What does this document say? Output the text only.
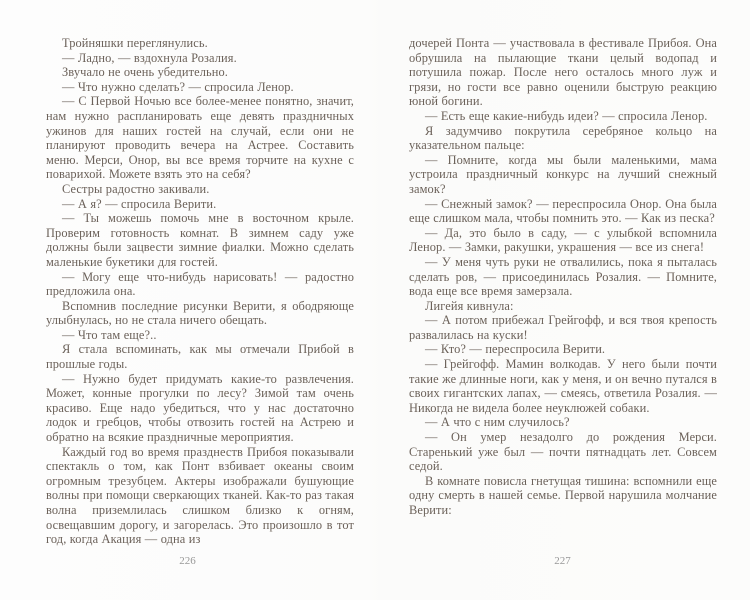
Тройняшки переглянулись.

— Ладно, — вздохнула Розалия.

Звучало не очень убедительно.

— Что нужно сделать? — спросила Ленор.

— С Первой Ночью все более-менее понятно, значит, нам нужно распланировать еще девять праздничных ужинов для наших гостей на случай, если они не планируют проводить вечера на Астрее. Составить меню. Мерси, Онор, вы все время торчите на кухне с поварихой. Можете взять это на себя?

Сестры радостно закивали.

— А я? — спросила Верити.

— Ты можешь помочь мне в восточном крыле. Проверим готовность комнат. В зимнем саду уже должны были зацвести зимние фиалки. Можно сделать маленькие букетики для гостей.

— Могу еще что-нибудь нарисовать! — радостно предложила она.

Вспомнив последние рисунки Верити, я ободряюще улыбнулась, но не стала ничего обещать.

— Что там еще?..

Я стала вспоминать, как мы отмечали Прибой в прошлые годы.

— Нужно будет придумать какие-то развлечения. Может, конные прогулки по лесу? Зимой там очень красиво. Еще надо убедиться, что у нас достаточно лодок и гребцов, чтобы отвозить гостей на Астрею и обратно на всякие праздничные мероприятия.

Каждый год во время празднеств Прибоя показывали спектакль о том, как Понт взбивает океаны своим огромным трезубцем. Актеры изображали бушующие волны при помощи сверкающих тканей. Как-то раз такая волна приземлилась слишком близко к огням, освещавшим дорогу, и загорелась. Это произошло в тот год, когда Акация — одна из

дочерей Понта — участвовала в фестивале Прибоя. Она обрушила на пылающие ткани целый водопад и потушила пожар. После него осталось много луж и грязи, но гости все равно оценили быструю реакцию юной богини.

— Есть еще какие-нибудь идеи? — спросила Ленор.

Я задумчиво покрутила серебряное кольцо на указательном пальце:

— Помните, когда мы были маленькими, мама устроила праздничный конкурс на лучший снежный замок?

— Снежный замок? — переспросила Онор. Она была еще слишком мала, чтобы помнить это. — Как из песка?

— Да, это было в саду, — с улыбкой вспомнила Ленор. — Замки, ракушки, украшения — все из снега!

— У меня чуть руки не отвалились, пока я пыталась сделать ров, — присоединилась Розалия. — Помните, вода еще все время замерзала.

Лигейя кивнула:

— А потом прибежал Грейгофф, и вся твоя крепость развалилась на куски!

— Кто? — переспросила Верити.

— Грейгофф. Мамин волкодав. У него были почти такие же длинные ноги, как у меня, и он вечно путался в своих гигантских лапах, — смеясь, ответила Розалия. — Никогда не видела более неуклюжей собаки.

— А что с ним случилось?

— Он умер незадолго до рождения Мерси. Старенький уже был — почти пятнадцать лет. Совсем седой.

В комнате повисла гнетущая тишина: вспомнили еще одну смерть в нашей семье. Первой нарушила молчание Верити:

226	227
